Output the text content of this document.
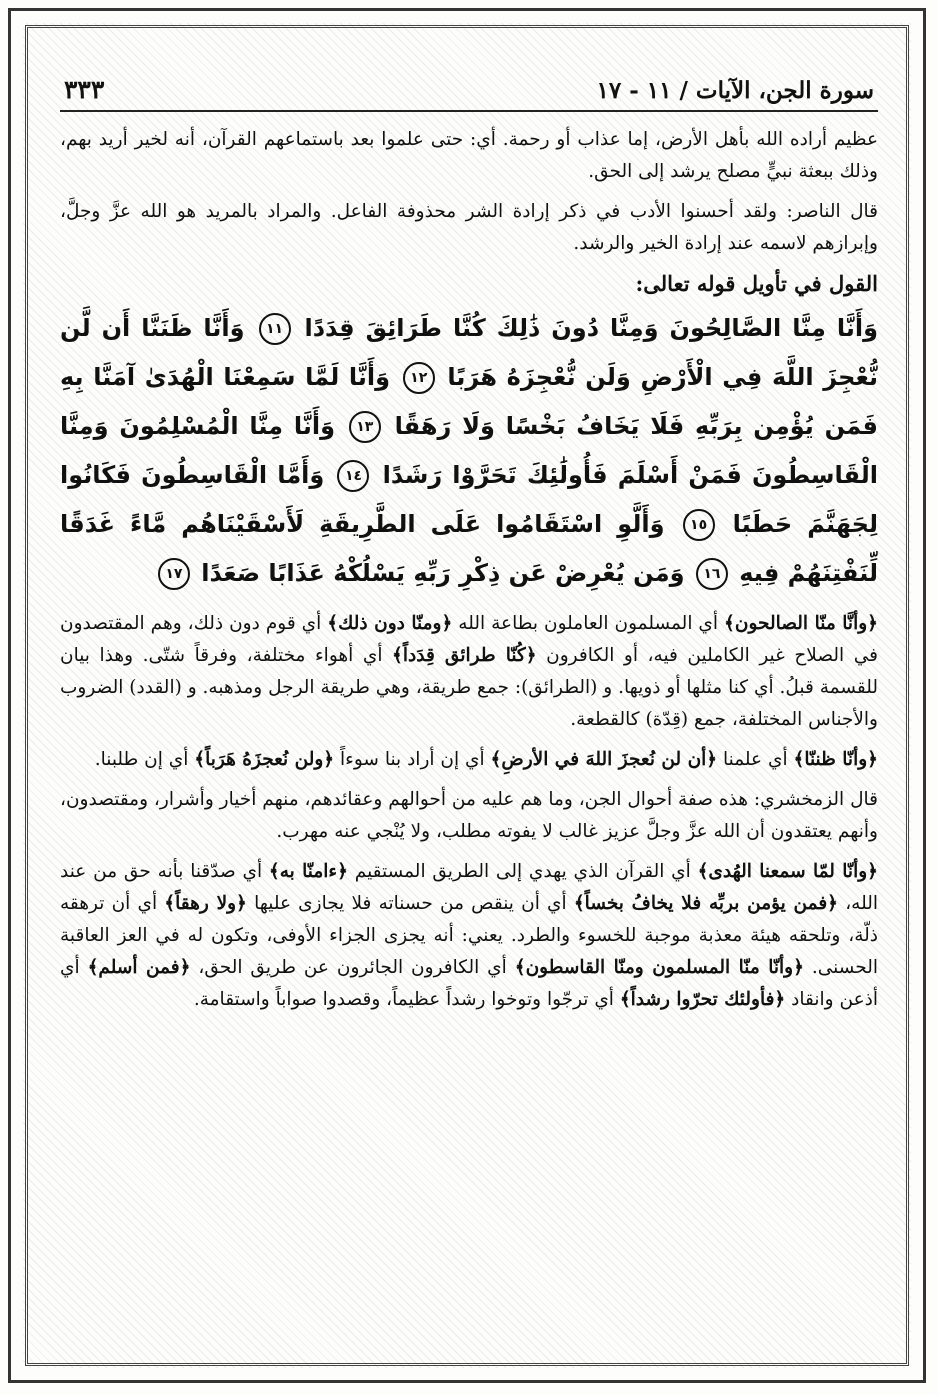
سورة الجن، الآيات / ١١ - ١٧
٣٣٣

عظيم أراده الله بأهل الأرض، إما عذاب أو رحمة. أي: حتى علموا بعد باستماعهم القرآن، أنه لخير أريد بهم، وذلك ببعثة نبيٍّ مصلح يرشد إلى الحق.

قال الناصر: ولقد أحسنوا الأدب في ذكر إرادة الشر محذوفة الفاعل. والمراد بالمريد هو الله عزَّ وجلَّ، وإبرازهم لاسمه عند إرادة الخير والرشد.

القول في تأويل قوله تعالى:
وَأَنَّا مِنَّا الصَّالِحُونَ وَمِنَّا دُونَ ذَٰلِكَ كُنَّا طَرَائِقَ قِدَدًا ١١ وَأَنَّا ظَنَنَّا أَن لَّن نُّعْجِزَ اللَّهَ فِي الْأَرْضِ وَلَن نُّعْجِزَهُ هَرَبًا ١٢ وَأَنَّا لَمَّا سَمِعْنَا الْهُدَىٰ آمَنَّا بِهِ فَمَن يُؤْمِن بِرَبِّهِ فَلَا يَخَافُ بَخْسًا وَلَا رَهَقًا ١٣ وَأَنَّا مِنَّا الْمُسْلِمُونَ وَمِنَّا الْقَاسِطُونَ فَمَنْ أَسْلَمَ فَأُولَٰئِكَ تَحَرَّوْا رَشَدًا ١٤ وَأَمَّا الْقَاسِطُونَ فَكَانُوا لِجَهَنَّمَ حَطَبًا ١٥ وَأَلَّوِ اسْتَقَامُوا عَلَى الطَّرِيقَةِ لَأَسْقَيْنَاهُم مَّاءً غَدَقًا لِّنَفْتِنَهُمْ فِيهِ ١٦ وَمَن يُعْرِضْ عَن ذِكْرِ رَبِّهِ يَسْلُكْهُ عَذَابًا صَعَدًا ١٧

﴿وأنَّا منّا الصالحون﴾ أي المسلمون العاملون بطاعة الله ﴿ومنّا دون ذلك﴾ أي قوم دون ذلك، وهم المقتصدون في الصلاح غير الكاملين فيه، أو الكافرون ﴿كُنّا طرائق قِدَداً﴾ أي أهواء مختلفة، وفرقاً شتّى. وهذا بيان للقسمة قبلُ. أي كنا مثلها أو ذويها. و (الطرائق): جمع طريقة، وهي طريقة الرجل ومذهبه. و (القدد) الضروب والأجناس المختلفة، جمع (قِدّة) كالقطعة.

﴿وأنّا ظننّا﴾ أي علمنا ﴿أن لن نُعجزَ اللهَ في الأرضِ﴾ أي إن أراد بنا سوءاً ﴿ولن نُعجزَهُ هَرَباً﴾ أي إن طلبنا.

قال الزمخشري: هذه صفة أحوال الجن، وما هم عليه من أحوالهم وعقائدهم، منهم أخيار وأشرار، ومقتصدون، وأنهم يعتقدون أن الله عزَّ وجلَّ عزيز غالب لا يفوته مطلب، ولا يُنْجي عنه مهرب.

﴿وأنّا لمّا سمعنا الهُدى﴾ أي القرآن الذي يهدي إلى الطريق المستقيم ﴿ءامنّا به﴾ أي صدّقنا بأنه حق من عند الله، ﴿فمن يؤمن بربِّه فلا يخافُ بخساً﴾ أي أن ينقص من حسناته فلا يجازى عليها ﴿ولا رهقاً﴾ أي أن ترهقه ذلّة، وتلحقه هيئة معذبة موجبة للخسوء والطرد. يعني: أنه يجزى الجزاء الأوفى، وتكون له في العز العاقبة الحسنى. ﴿وأنّا منّا المسلمون ومنّا القاسطون﴾ أي الكافرون الجائرون عن طريق الحق، ﴿فمن أسلم﴾ أي أذعن وانقاد ﴿فأولئك تحرّوا رشداً﴾ أي ترجّوا وتوخوا رشداً عظيماً، وقصدوا صواباً واستقامة.
